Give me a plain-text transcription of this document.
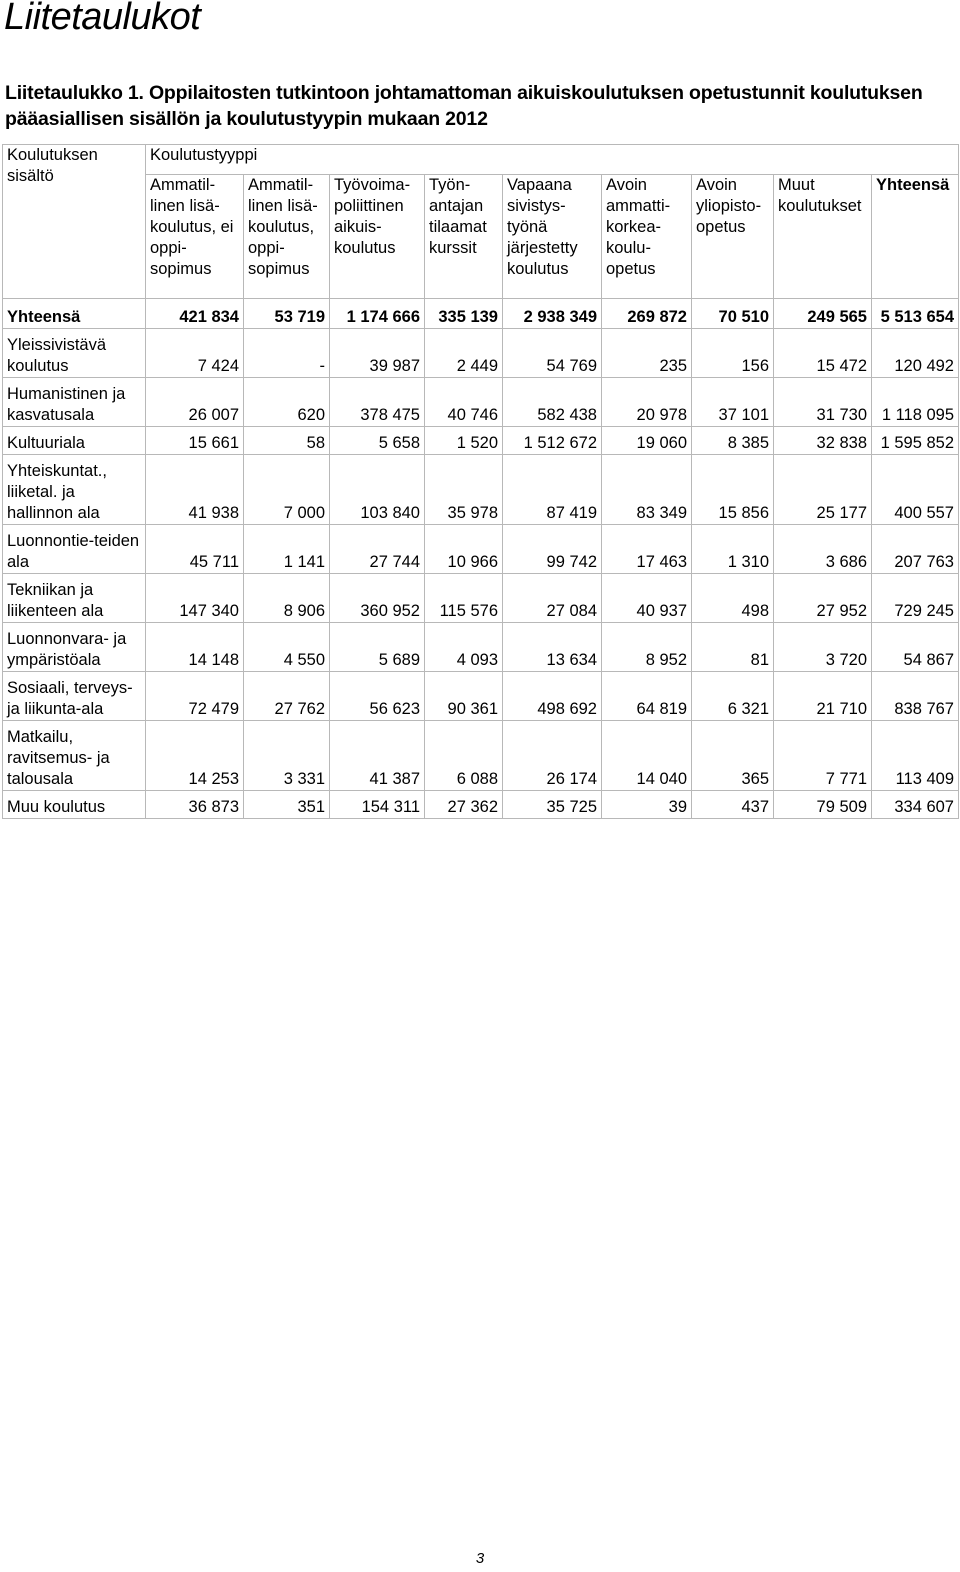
Liitetaulukot
Liitetaulukko 1. Oppilaitosten tutkintoon johtamattoman aikuiskoulutuksen opetustunnit koulutuksen pääasiallisen sisällön ja koulutustyypin mukaan 2012
Koulutuksen sisältö	Koulutustyyppi								
	Ammatil-linen lisä-koulutus, ei oppi-sopimus	Ammatil-linen lisä-koulutus, oppi-sopimus	Työvoima-poliittinen aikuis-koulutus	Työn-antajan tilaamat kurssit	Vapaana sivistys-työnä järjestetty koulutus	Avoin ammatti-korkea-koulu-opetus	Avoin yliopisto-opetus	Muut koulutukset	Yhteensä
Yhteensä	421 834	53 719	1 174 666	335 139	2 938 349	269 872	70 510	249 565	5 513 654
Yleissivistävä koulutus	7 424	-	39 987	2 449	54 769	235	156	15 472	120 492
Humanistinen ja kasvatusala	26 007	620	378 475	40 746	582 438	20 978	37 101	31 730	1 118 095
Kultuuriala	15 661	58	5 658	1 520	1 512 672	19 060	8 385	32 838	1 595 852
Yhteiskuntat., liiketal. ja hallinnon ala	41 938	7 000	103 840	35 978	87 419	83 349	15 856	25 177	400 557
Luonnontie-teiden ala	45 711	1 141	27 744	10 966	99 742	17 463	1 310	3 686	207 763
Tekniikan ja liikenteen ala	147 340	8 906	360 952	115 576	27 084	40 937	498	27 952	729 245
Luonnonvara- ja ympäristöala	14 148	4 550	5 689	4 093	13 634	8 952	81	3 720	54 867
Sosiaali, terveys-ja liikunta-ala	72 479	27 762	56 623	90 361	498 692	64 819	6 321	21 710	838 767
Matkailu, ravitsemus- ja talousala	14 253	3 331	41 387	6 088	26 174	14 040	365	7 771	113 409
Muu koulutus	36 873	351	154 311	27 362	35 725	39	437	79 509	334 607
3
